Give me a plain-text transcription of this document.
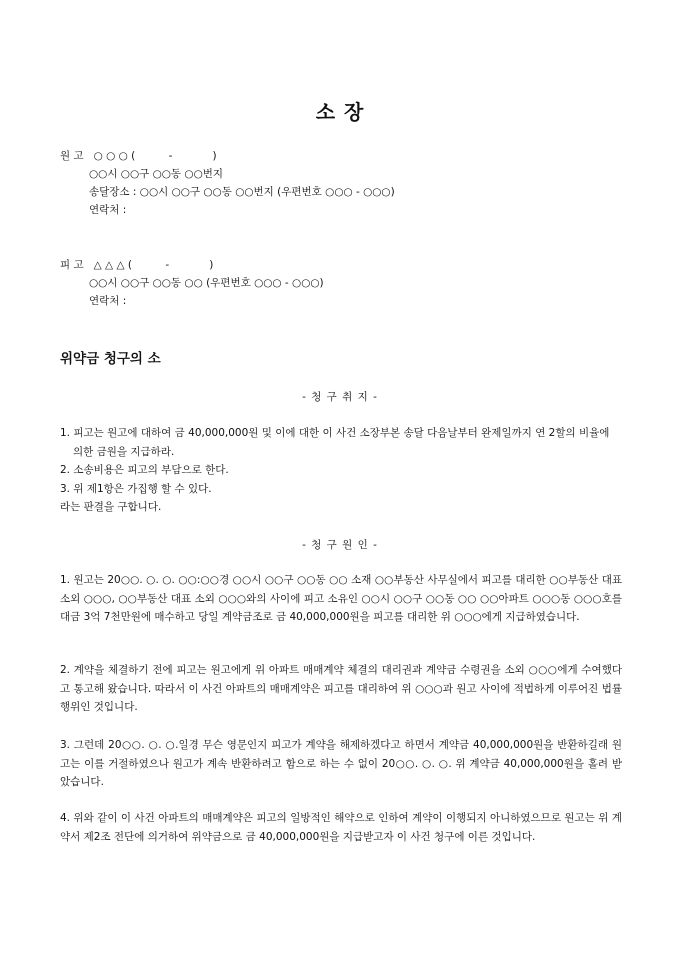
소 장
원 고   ○ ○ ○ (          -            )
○○시 ○○구 ○○동 ○○번지
송달장소 : ○○시 ○○구 ○○동 ○○번지 (우편번호 ○○○ - ○○○)
연락처 :
피 고   △ △ △ (          -            )
○○시 ○○구 ○○동 ○○ (우편번호 ○○○ - ○○○)
연락처 :
위약금 청구의 소
- 청 구 취 지 -

1. 피고는 원고에 대하여 금 40,000,000원 및 이에 대한 이 사건 소장부본 송달 다음날부터 완제일까지 연 2할의 비율에 의한 금원을 지급하라.

2. 소송비용은 피고의 부담으로 한다.

3. 위 제1항은 가집행 할 수 있다.

라는 판결을 구합니다.

- 청 구 원 인 -
1. 원고는 20○○. ○. ○. ○○:○○경 ○○시 ○○구 ○○동 ○○ 소재 ○○부동산 사무실에서 피고를 대리한 ○○부동산 대표 소외 ○○○, ○○부동산 대표 소외 ○○○와의 사이에 피고 소유인 ○○시 ○○구 ○○동 ○○ ○○아파트 ○○○동 ○○○호를 대금 3억 7천만원에 매수하고 당일 계약금조로 금 40,000,000원을 피고를 대리한 위 ○○○에게 지급하였습니다.
2. 계약을 체결하기 전에 피고는 원고에게 위 아파트 매매계약 체결의 대리권과 계약금 수령권을 소외 ○○○에게 수여했다고 통고해 왔습니다. 따라서 이 사건 아파트의 매매계약은 피고를 대리하여 위 ○○○과 원고 사이에 적법하게 이루어진 법률행위인 것입니다.
3. 그런데 20○○. ○. ○.일경 무슨 영문인지 피고가 계약을 해제하겠다고 하면서 계약금 40,000,000원을 반환하길래 원고는 이를 거절하였으나 원고가 계속 반환하려고 함으로 하는 수 없이 20○○. ○. ○. 위 계약금 40,000,000원을 홀려 받았습니다.
4. 위와 같이 이 사건 아파트의 매매계약은 피고의 일방적인 해약으로 인하여 계약이 이행되지 아니하였으므로 원고는 위 계약서 제2조 전단에 의거하여 위약금으로 금 40,000,000원을 지급받고자 이 사건 청구에 이른 것입니다.
